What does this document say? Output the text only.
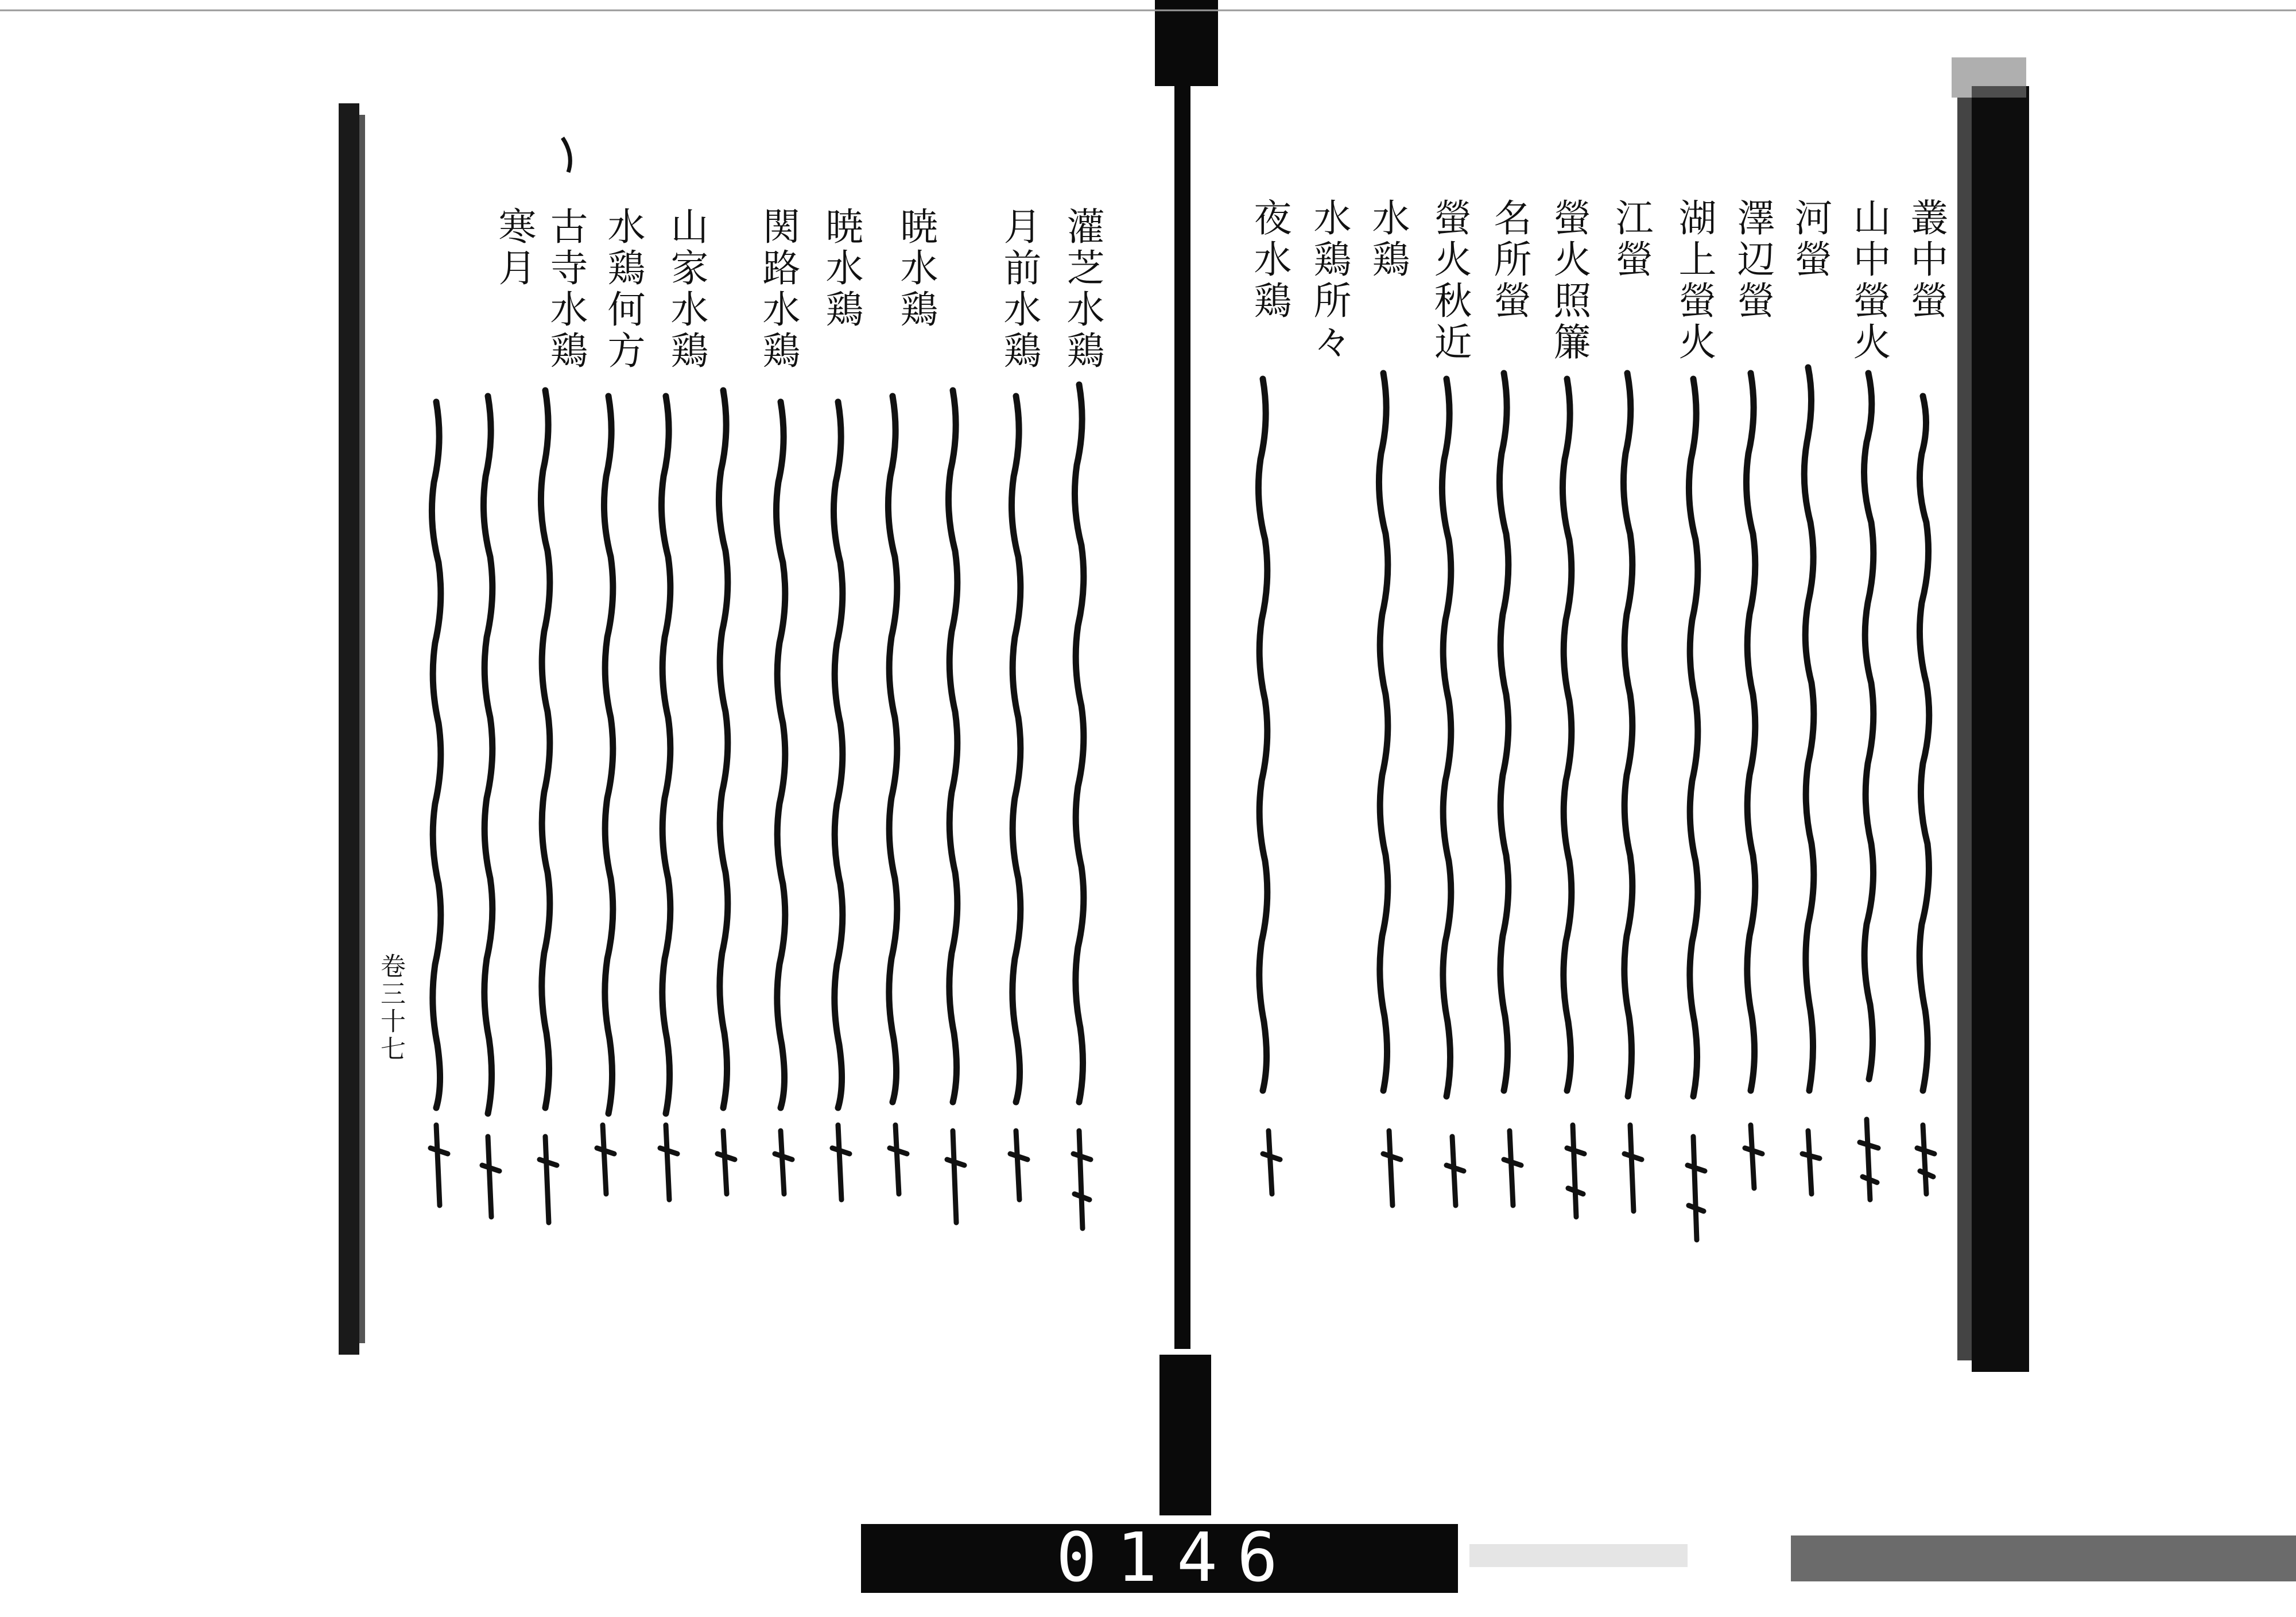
叢中螢
山中螢火
河螢
澤辺螢
湖上螢火
江螢
螢火照簾
名所螢
螢火秋近
水鶏
水鶏所々
夜水鶏
灌芝水鶏
月前水鶏
暁水鶏
暁水鶏
関路水鶏
山家水鶏
水鶏何方
古寺水鶏
寒月
卷三十七
0146
